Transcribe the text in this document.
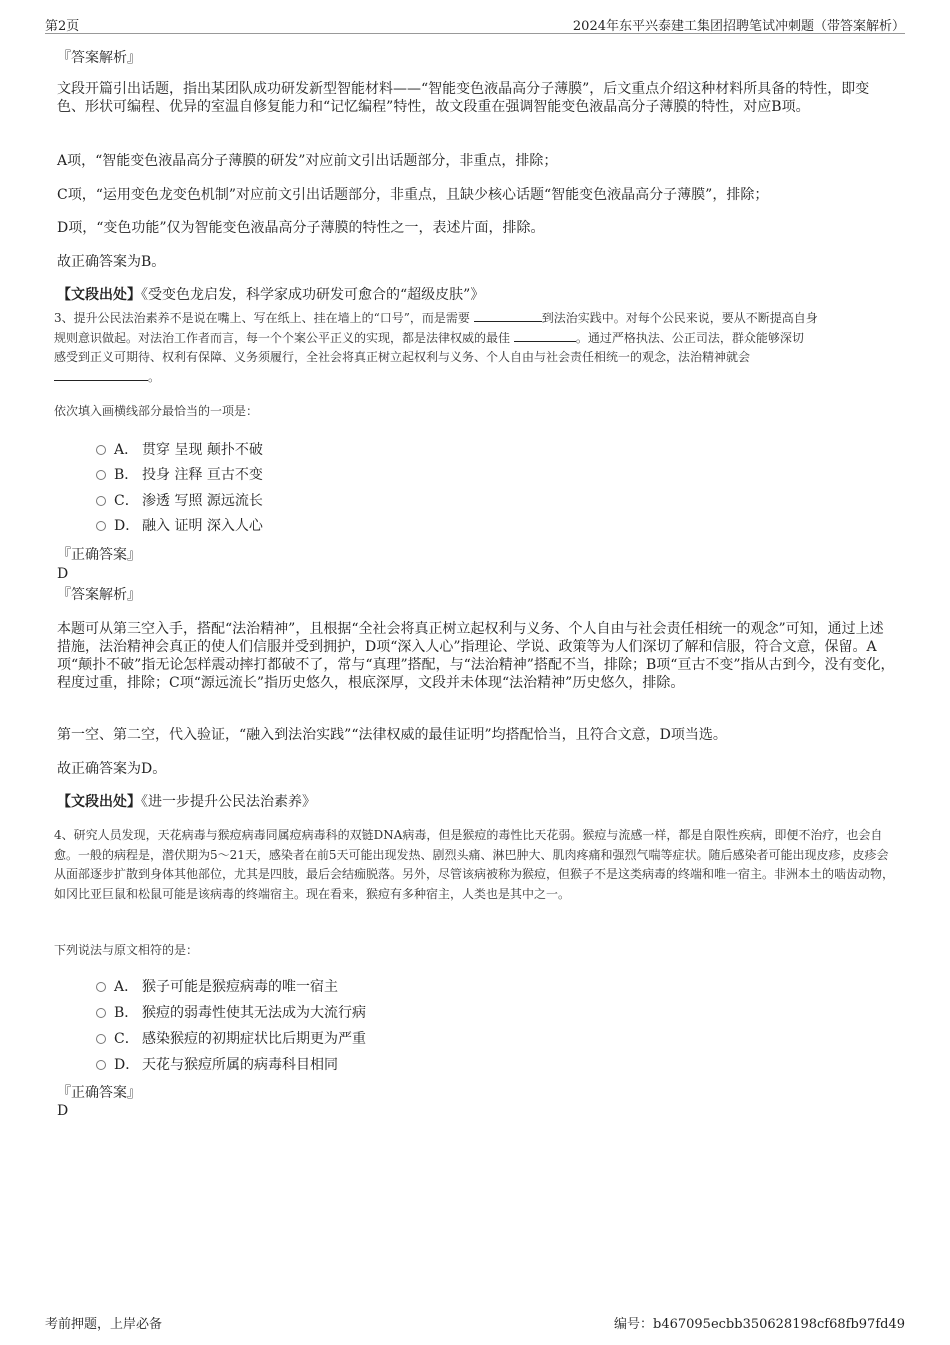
第2页	2024年东平兴泰建工集团招聘笔试冲刺题（带答案解析）
『答案解析』
文段开篇引出话题，指出某团队成功研发新型智能材料——“智能变色液晶高分子薄膜”，后文重点介绍这种材料所具备的特性，即变色、形状可编程、优异的室温自修复能力和“记忆编程”特性，故文段重在强调智能变色液晶高分子薄膜的特性，对应B项。
A项，“智能变色液晶高分子薄膜的研发”对应前文引出话题部分，非重点，排除；
C项，“运用变色龙变色机制”对应前文引出话题部分，非重点，且缺少核心话题“智能变色液晶高分子薄膜”，排除；
D项，“变色功能”仅为智能变色液晶高分子薄膜的特性之一，表述片面，排除。
故正确答案为B。
【文段出处】《受变色龙启发，科学家成功研发可愈合的“超级皮肤”》
3、提升公民法治素养不是说在嘴上、写在纸上、挂在墙上的“口号”，而是需要	到法治实践中。对每个公民来说，要从不断提高自身
规则意识做起。对法治工作者而言，每一个个案公平正义的实现，都是法律权威的最佳	。通过严格执法、公正司法，群众能够深切
感受到正义可期待、权利有保障、义务须履行，全社会将真正树立起权利与义务、个人自由与社会责任相统一的观念，法治精神就会
。
依次填入画横线部分最恰当的一项是：
A． 贯穿 呈现 颠扑不破
B． 投身 注释 亘古不变
C． 渗透 写照 源远流长
D． 融入 证明 深入人心
『正确答案』
D
『答案解析』
本题可从第三空入手，搭配“法治精神”，且根据“全社会将真正树立起权利与义务、个人自由与社会责任相统一的观念”可知，通过上述措施，法治精神会真正的使人们信服并受到拥护，D项“深入人心”指理论、学说、政策等为人们深切了解和信服，符合文意，保留。A项“颠扑不破”指无论怎样震动摔打都破不了，常与“真理”搭配，与“法治精神”搭配不当，排除；B项“亘古不变”指从古到今，没有变化，程度过重，排除；C项“源远流长”指历史悠久，根底深厚，文段并未体现“法治精神”历史悠久，排除。
第一空、第二空，代入验证，“融入到法治实践”“法律权威的最佳证明”均搭配恰当，且符合文意，D项当选。
故正确答案为D。
【文段出处】《进一步提升公民法治素养》
4、研究人员发现，天花病毒与猴痘病毒同属痘病毒科的双链DNA病毒，但是猴痘的毒性比天花弱。猴痘与流感一样，都是自限性疾病，即便不治疗，也会自愈。一般的病程是，潜伏期为5～21天，感染者在前5天可能出现发热、剧烈头痛、淋巴肿大、肌肉疼痛和强烈气喘等症状。随后感染者可能出现皮疹，皮疹会从面部逐步扩散到身体其他部位，尤其是四肢，最后会结痂脱落。另外，尽管该病被称为猴痘，但猴子不是这类病毒的终端和唯一宿主。非洲本土的啮齿动物，如冈比亚巨鼠和松鼠可能是该病毒的终端宿主。现在看来，猴痘有多种宿主，人类也是其中之一。
下列说法与原文相符的是：
A． 猴子可能是猴痘病毒的唯一宿主
B． 猴痘的弱毒性使其无法成为大流行病
C． 感染猴痘的初期症状比后期更为严重
D． 天花与猴痘所属的病毒科目相同
『正确答案』
D
考前押题，上岸必备	编号：b467095ecbb350628198cf68fb97fd49
